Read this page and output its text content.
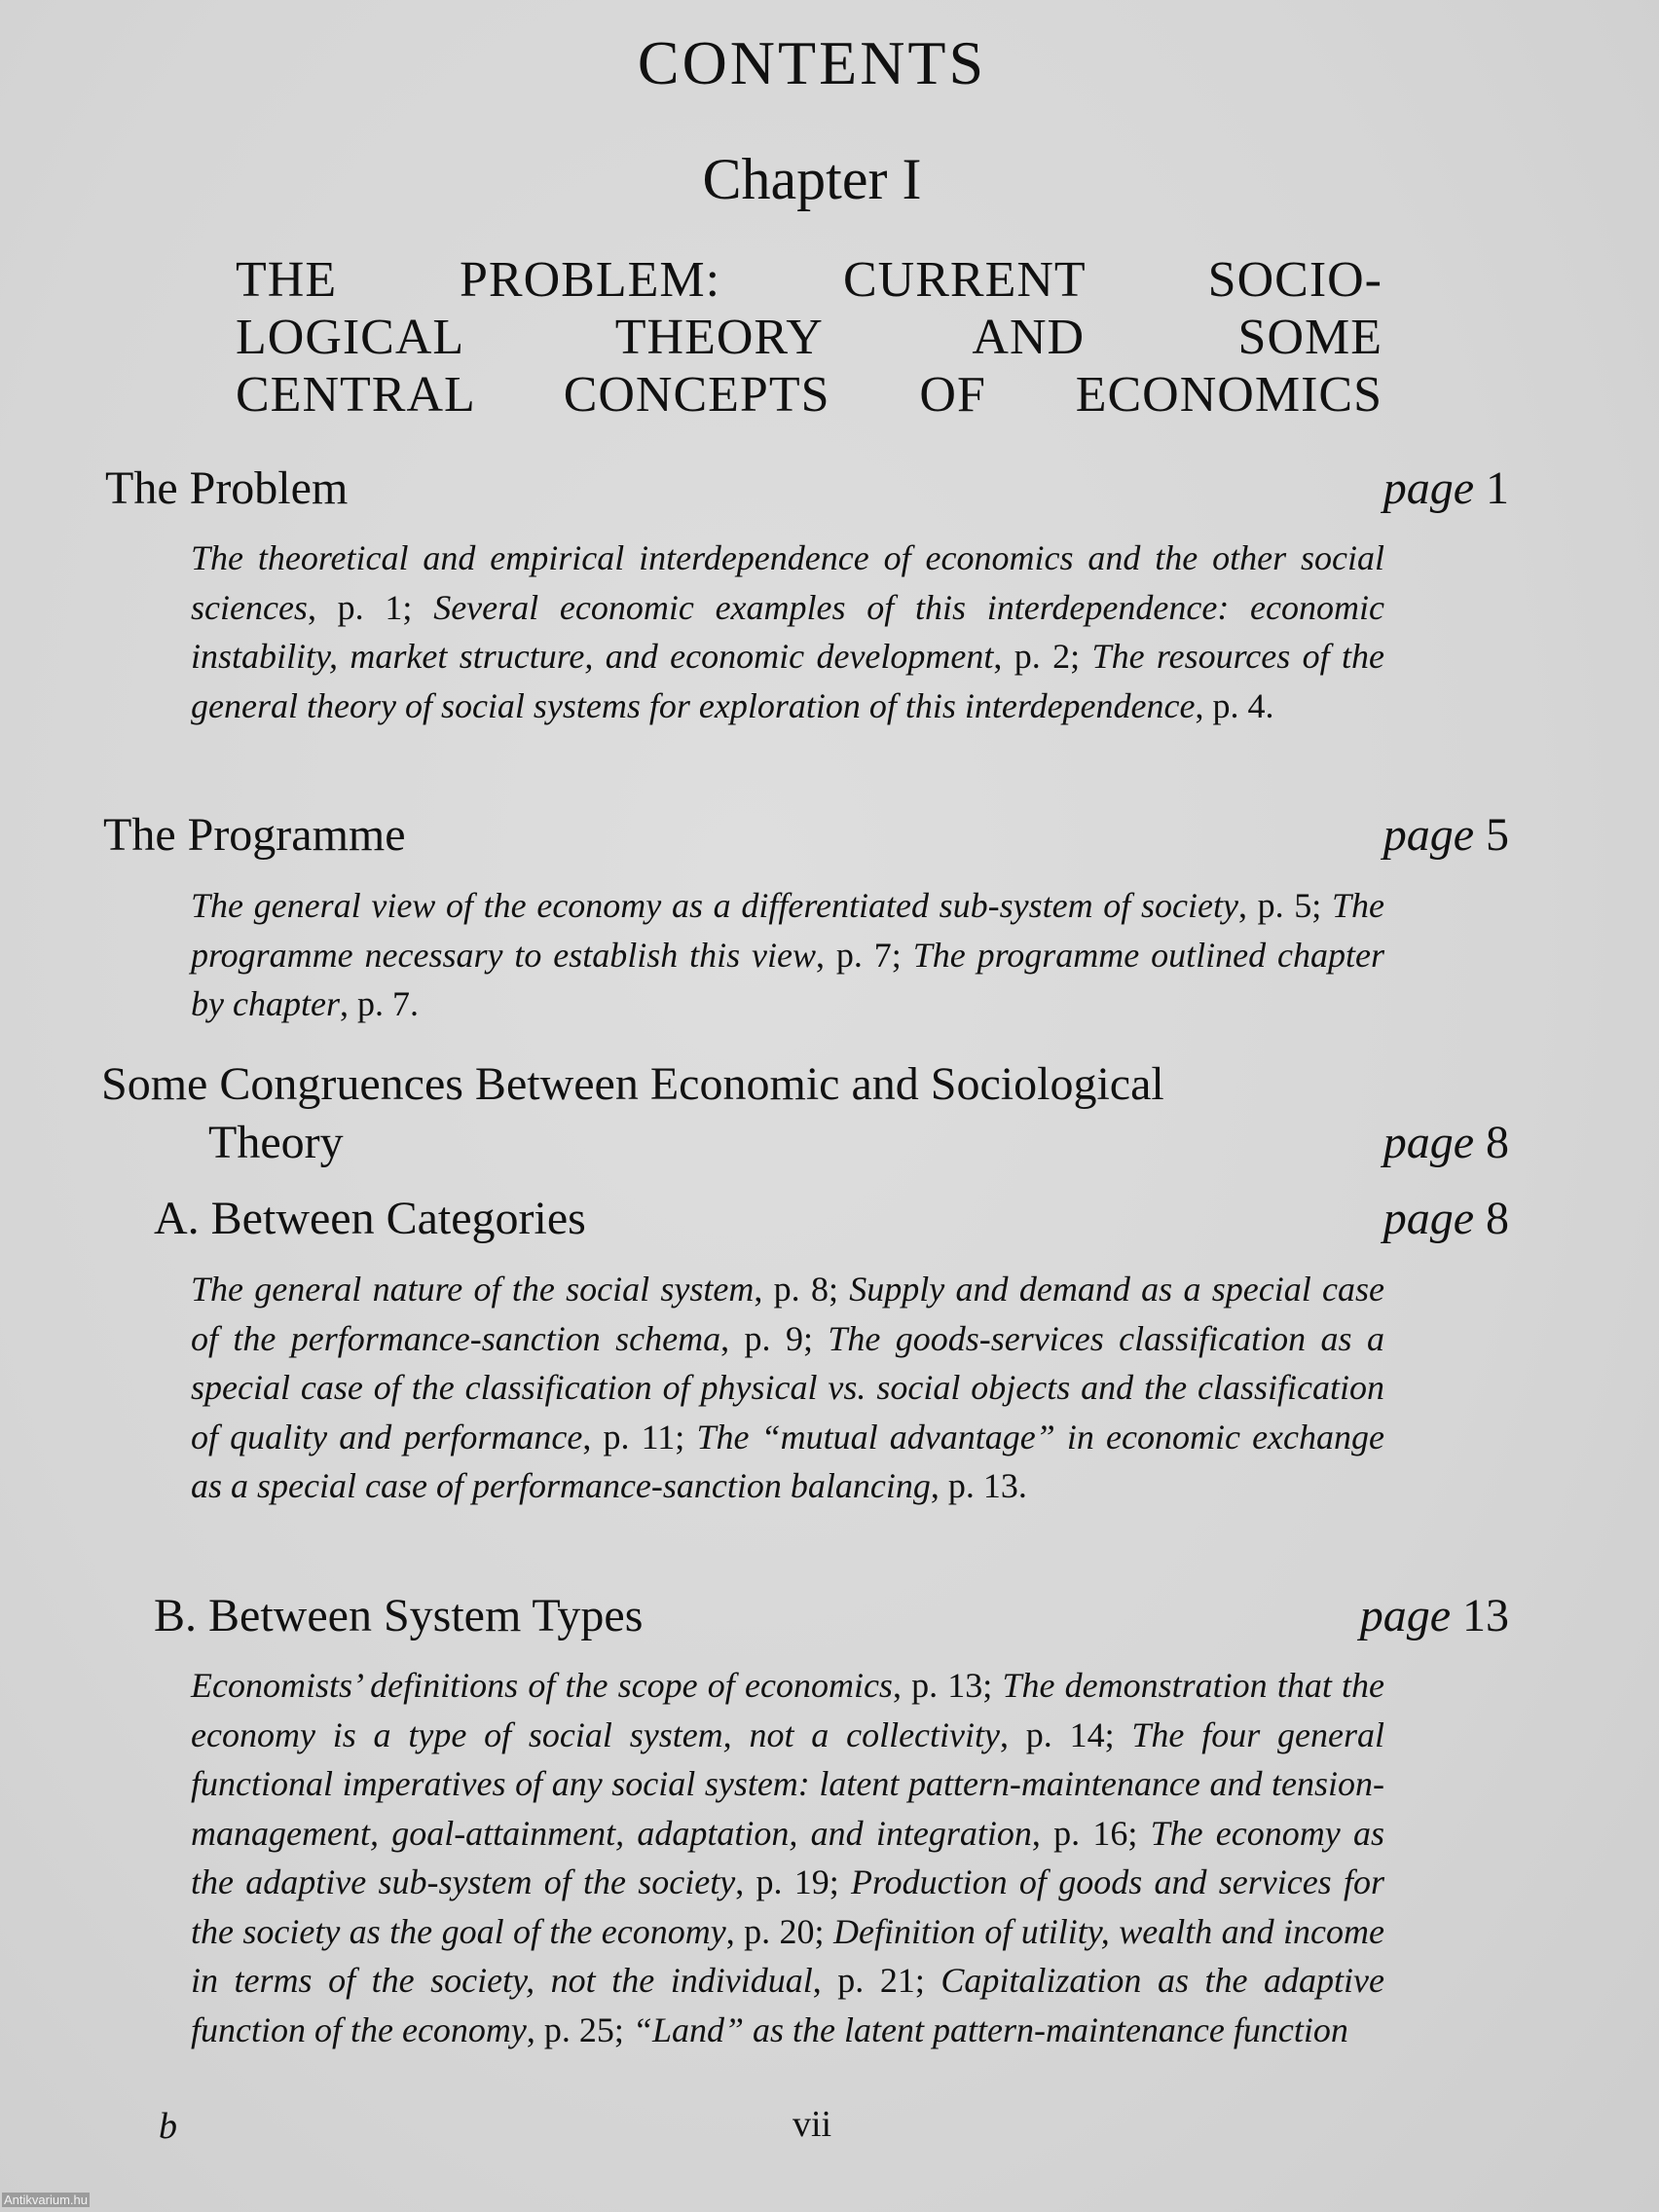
CONTENTS
Chapter I
THE PROBLEM: CURRENT SOCIO-
LOGICAL THEORY AND SOME
CENTRAL CONCEPTS OF ECONOMICS
The Problem	page 1
The theoretical and empirical interdependence of economics and the other social sciences, p. 1; Several economic examples of this interdependence: economic instability, market structure, and economic development, p. 2; The resources of the general theory of social systems for exploration of this interdependence, p. 4.
The Programme	page 5
The general view of the economy as a differentiated sub-system of society, p. 5; The programme necessary to establish this view, p. 7; The programme outlined chapter by chapter, p. 7.
Some Congruences Between Economic and Sociological
Theory	page 8
A. Between Categories	page 8
The general nature of the social system, p. 8; Supply and demand as a special case of the performance-sanction schema, p. 9; The goods-services classification as a special case of the classification of physical vs. social objects and the classification of quality and performance, p. 11; The “mutual advantage” in economic exchange as a special case of performance-sanction balancing, p. 13.
B. Between System Types	page 13
Economists’ definitions of the scope of economics, p. 13; The demonstration that the economy is a type of social system, not a collectivity, p. 14; The four general functional imperatives of any social system: latent pattern-maintenance and tension-management, goal-attainment, adaptation, and integration, p. 16; The economy as the adaptive sub-system of the society, p. 19; Production of goods and services for the society as the goal of the economy, p. 20; Definition of utility, wealth and income in terms of the society, not the individual, p. 21; Capitalization as the adaptive function of the economy, p. 25; “Land” as the latent pattern-maintenance function
b	vii
Antikvarium.hu
